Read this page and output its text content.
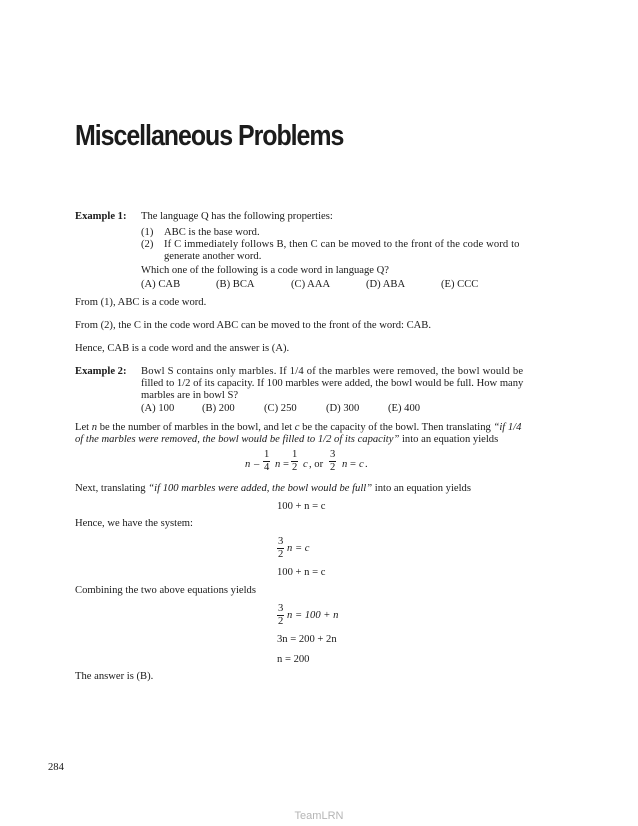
Miscellaneous Problems
Example 1: The language Q has the following properties:
(1) ABC is the base word.
(2) If C immediately follows B, then C can be moved to the front of the code word to
generate another word.
Which one of the following is a code word in language Q?
(A) CAB	(B) BCA	(C) AAA	(D) ABA	(E) CCC
From (1), ABC is a code word.
From (2), the C in the code word ABC can be moved to the front of the word: CAB.
Hence, CAB is a code word and the answer is (A).
Example 2: Bowl S contains only marbles. If 1/4 of the marbles were removed, the bowl would be
filled to 1/2 of its capacity. If 100 marbles were added, the bowl would be full. How many
marbles are in bowl S?
(A) 100	(B) 200	(C) 250	(D) 300	(E) 400
Let n be the number of marbles in the bowl, and let c be the capacity of the bowl. Then translating “if 1/4
of the marbles were removed, the bowl would be filled to 1/2 of its capacity” into an equation yields
n – $\frac{1}{4}$ $n = \frac{1}{2}$ c , or $\frac{3}{2}$ n = c .
Next, translating “if 100 marbles were added, the bowl would be full” into an equation yields
100 + n = c
Hence, we have the system:
$\frac{3}{2}$ n = c
100 + n = c
Combining the two above equations yields
$\frac{3}{2}$ n = 100 + n
3n = 200 + 2n
n = 200
The answer is (B).
284
TeamLRN
